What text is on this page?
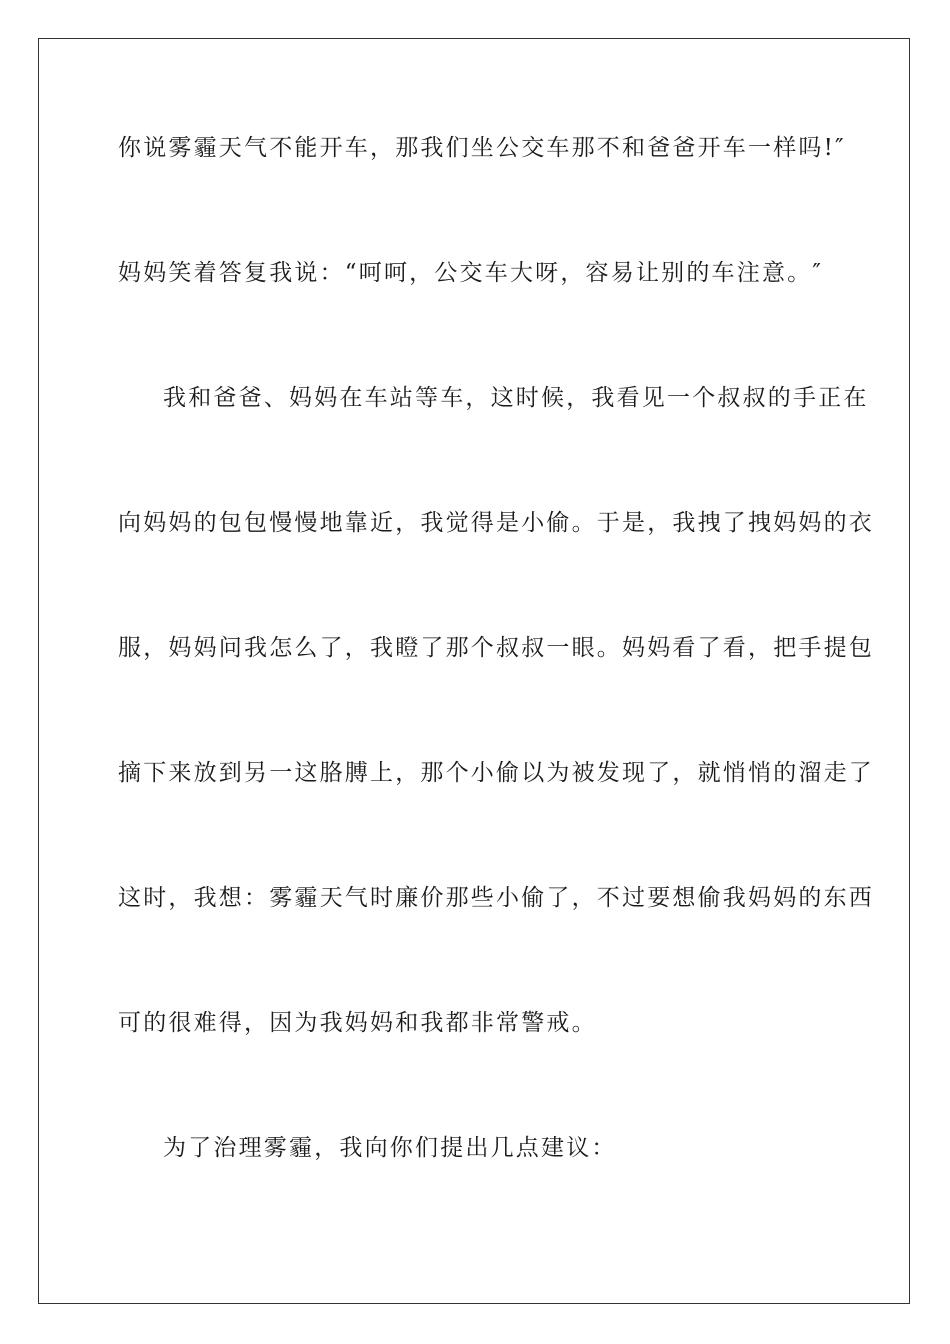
你说雾霾天气不能开车，那我们坐公交车那不和爸爸开车一样吗!″

妈妈笑着答复我说：“呵呵，公交车大呀，容易让别的车注意。″

我和爸爸、妈妈在车站等车，这时候，我看见一个叔叔的手正在

向妈妈的包包慢慢地靠近，我觉得是小偷。于是，我拽了拽妈妈的衣

服，妈妈问我怎么了，我瞪了那个叔叔一眼。妈妈看了看，把手提包

摘下来放到另一这胳膊上，那个小偷以为被发现了，就悄悄的溜走了

这时，我想：雾霾天气时廉价那些小偷了，不过要想偷我妈妈的东西

可的很难得，因为我妈妈和我都非常警戒。

为了治理雾霾，我向你们提出几点建议：
